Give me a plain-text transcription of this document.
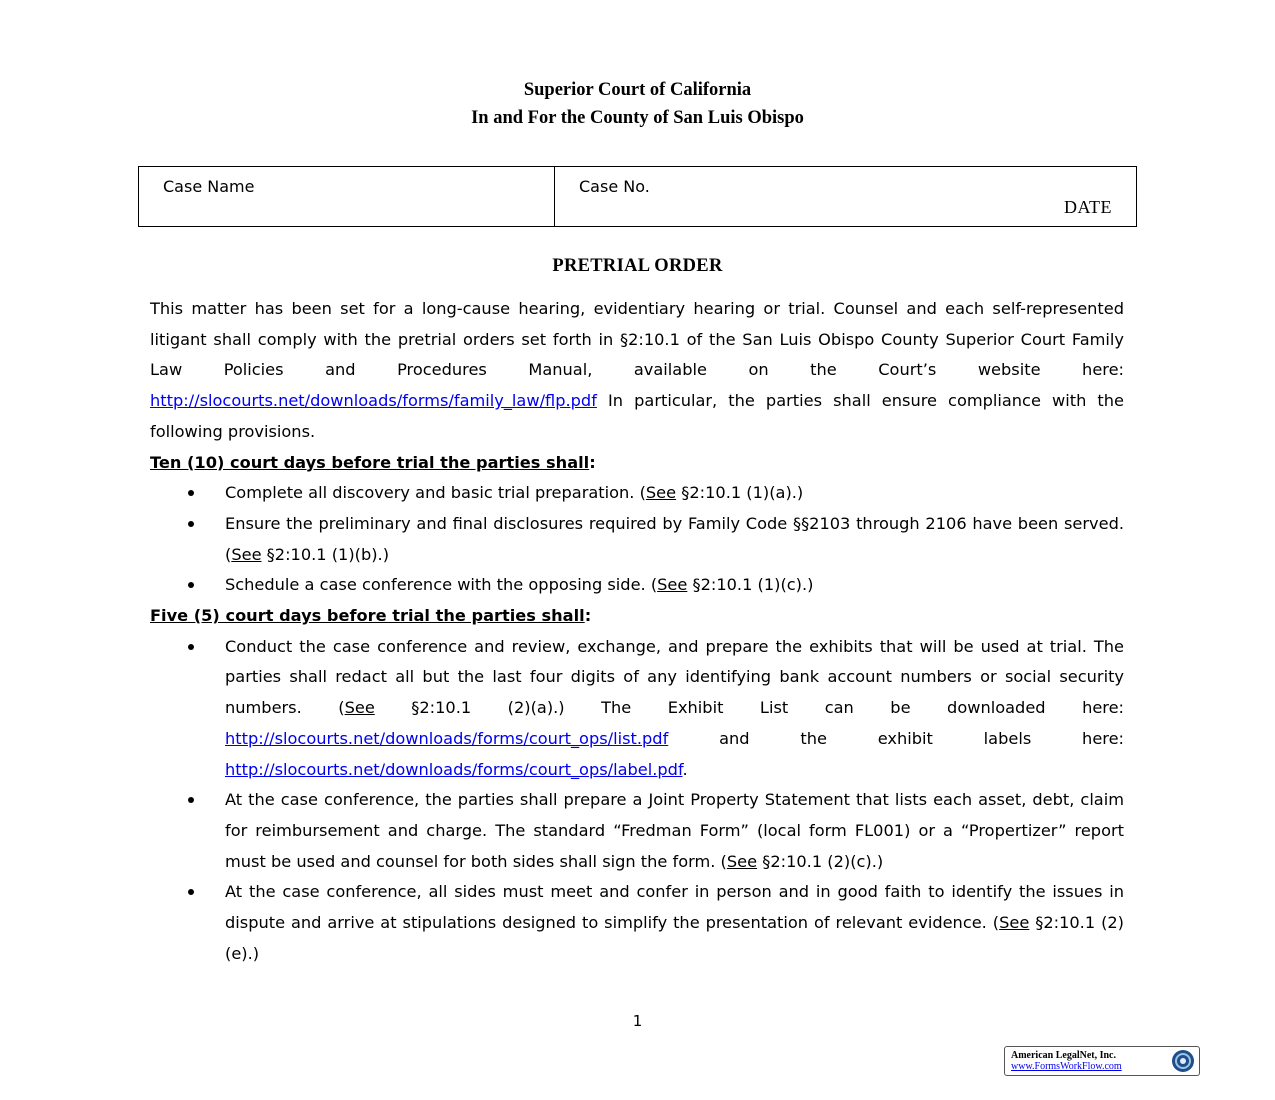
Superior Court of California
In and For the County of San Luis Obispo
Case Name	Case No.
DATE
PRETRIAL ORDER

This matter has been set for a long-cause hearing, evidentiary hearing or trial. Counsel and each self-represented litigant shall comply with the pretrial orders set forth in §2:10.1 of the San Luis Obispo County Superior Court Family Law Policies and Procedures Manual, available on the Court’s website here: http://slocourts.net/downloads/forms/family_law/flp.pdf In particular, the parties shall ensure compliance with the following provisions.

Ten (10) court days before trial the parties shall:
Complete all discovery and basic trial preparation. (See §2:10.1 (1)(a).)
Ensure the preliminary and final disclosures required by Family Code §§2103 through 2106 have been served. (See §2:10.1 (1)(b).)
Schedule a case conference with the opposing side. (See §2:10.1 (1)(c).)
Five (5) court days before trial the parties shall:
Conduct the case conference and review, exchange, and prepare the exhibits that will be used at trial. The parties shall redact all but the last four digits of any identifying bank account numbers or social security numbers. (See §2:10.1 (2)(a).) The Exhibit List can be downloaded here: http://slocourts.net/downloads/forms/court_ops/list.pdf and the exhibit labels here: http://slocourts.net/downloads/forms/court_ops/label.pdf.
At the case conference, the parties shall prepare a Joint Property Statement that lists each asset, debt, claim for reimbursement and charge. The standard “Fredman Form” (local form FL001) or a “Propertizer” report must be used and counsel for both sides shall sign the form. (See §2:10.1 (2)(c).)
At the case conference, all sides must meet and confer in person and in good faith to identify the issues in dispute and arrive at stipulations designed to simplify the presentation of relevant evidence. (See §2:10.1 (2)(e).)
1
American LegalNet, Inc.
www.FormsWorkFlow.com
